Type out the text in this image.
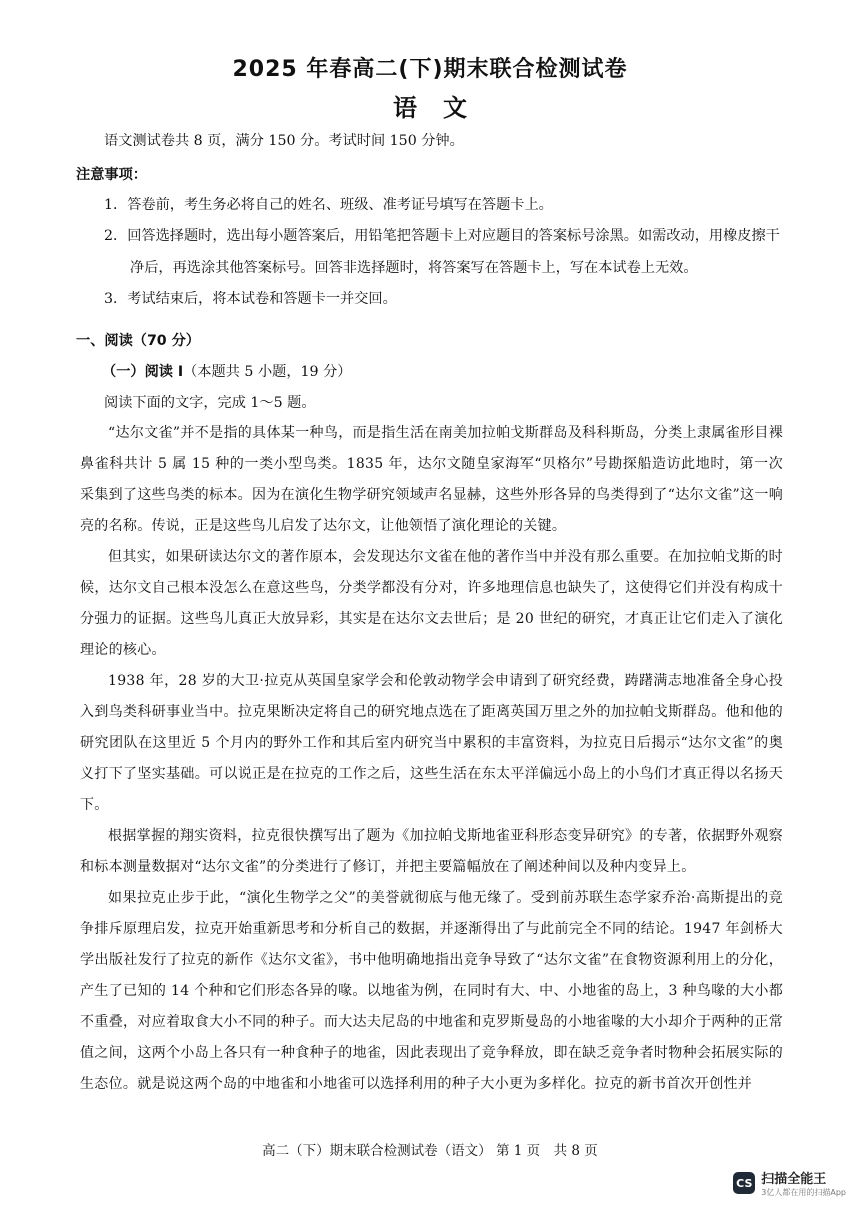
2025 年春高二(下)期末联合检测试卷
语文
语文测试卷共 8 页，满分 150 分。考试时间 150 分钟。
注意事项：
1．答卷前，考生务必将自己的姓名、班级、准考证号填写在答题卡上。
2．回答选择题时，选出每小题答案后，用铅笔把答题卡上对应题目的答案标号涂黑。如需改动，用橡皮擦干
净后，再选涂其他答案标号。回答非选择题时，将答案写在答题卡上，写在本试卷上无效。
3．考试结束后，将本试卷和答题卡一并交回。
一、阅读（70 分）
（一）阅读 I（本题共 5 小题，19 分）
阅读下面的文字，完成 1～5 题。

“达尔文雀”并不是指的具体某一种鸟，而是指生活在南美加拉帕戈斯群岛及科科斯岛，分类上隶属雀形目裸鼻雀科共计 5 属 15 种的一类小型鸟类。1835 年，达尔文随皇家海军“贝格尔”号勘探船造访此地时，第一次采集到了这些鸟类的标本。因为在演化生物学研究领域声名显赫，这些外形各异的鸟类得到了“达尔文雀”这一响亮的名称。传说，正是这些鸟儿启发了达尔文，让他领悟了演化理论的关键。

但其实，如果研读达尔文的著作原本，会发现达尔文雀在他的著作当中并没有那么重要。在加拉帕戈斯的时候，达尔文自己根本没怎么在意这些鸟，分类学都没有分对，许多地理信息也缺失了，这使得它们并没有构成十分强力的证据。这些鸟儿真正大放异彩，其实是在达尔文去世后；是 20 世纪的研究，才真正让它们走入了演化理论的核心。

1938 年，28 岁的大卫·拉克从英国皇家学会和伦敦动物学会申请到了研究经费，踌躇满志地准备全身心投入到鸟类科研事业当中。拉克果断决定将自己的研究地点选在了距离英国万里之外的加拉帕戈斯群岛。他和他的研究团队在这里近 5 个月内的野外工作和其后室内研究当中累积的丰富资料，为拉克日后揭示“达尔文雀”的奥义打下了坚实基础。可以说正是在拉克的工作之后，这些生活在东太平洋偏远小岛上的小鸟们才真正得以名扬天下。

根据掌握的翔实资料，拉克很快撰写出了题为《加拉帕戈斯地雀亚科形态变异研究》的专著，依据野外观察和标本测量数据对“达尔文雀”的分类进行了修订，并把主要篇幅放在了阐述种间以及种内变异上。

如果拉克止步于此，“演化生物学之父”的美誉就彻底与他无缘了。受到前苏联生态学家乔治·高斯提出的竞争排斥原理启发，拉克开始重新思考和分析自己的数据，并逐渐得出了与此前完全不同的结论。1947 年剑桥大学出版社发行了拉克的新作《达尔文雀》，书中他明确地指出竞争导致了“达尔文雀”在食物资源利用上的分化，产生了已知的 14 个种和它们形态各异的喙。以地雀为例，在同时有大、中、小地雀的岛上，3 种鸟喙的大小都不重叠，对应着取食大小不同的种子。而大达夫尼岛的中地雀和克罗斯曼岛的小地雀喙的大小却介于两种的正常值之间，这两个小岛上各只有一种食种子的地雀，因此表现出了竞争释放，即在缺乏竞争者时物种会拓展实际的生态位。就是说这两个岛的中地雀和小地雀可以选择利用的种子大小更为多样化。拉克的新书首次开创性并

高二（下）期末联合检测试卷（语文） 第 1 页　共 8 页
CS 扫描全能王
3亿人都在用的扫描App
